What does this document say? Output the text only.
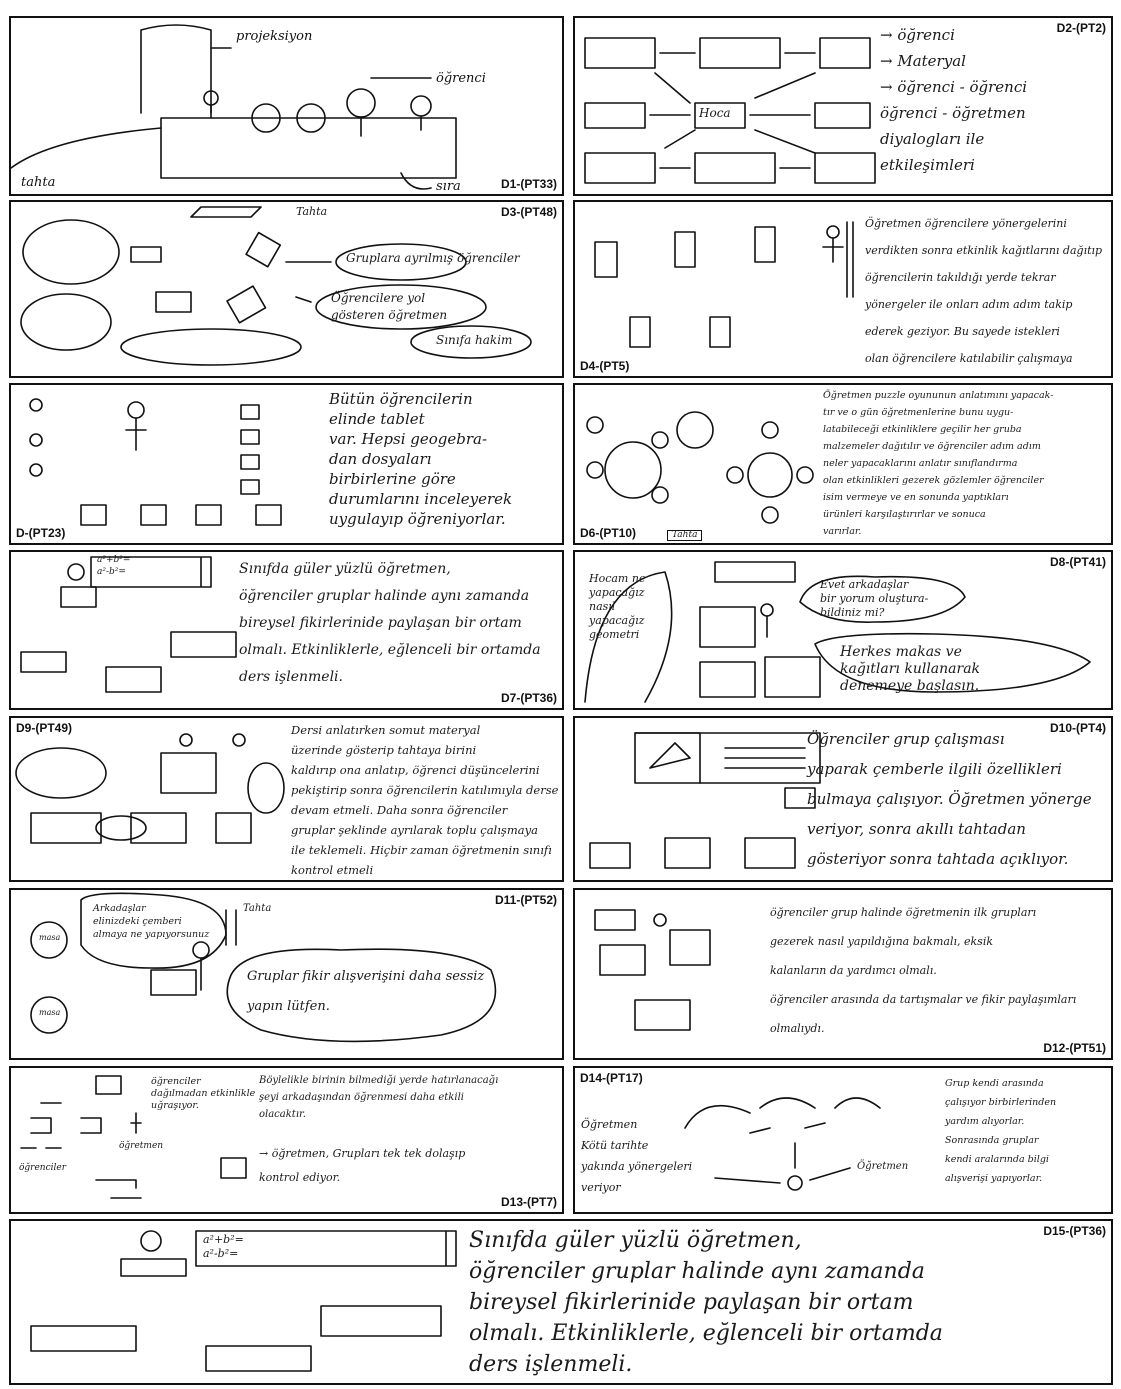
projeksiyon
öğrenci
tahta	sıra	D1-(PT33)
Hoca
→ öğrenci
→ Materyal
→ öğrenci - öğrenci
öğrenci - öğretmen
diyalogları ile
etkileşimleri
D2-(PT2)
Tahta
Gruplara ayrılmış öğrenciler
Öğrencilere yol gösteren öğretmen
Sınıfa hakim
D3-(PT48)
Öğretmen öğrencilere yönergelerini
verdikten sonra etkinlik kağıtlarını dağıtıp
öğrencilerin takıldığı yerde tekrar
yönergeler ile onları adım adım takip
ederek geziyor. Bu sayede istekleri
olan öğrencilere katılabilir çalışmaya
D4-(PT5)
Bütün öğrencilerin
elinde tablet
var. Hepsi geogebra-
dan dosyaları
birbirlerine göre
durumlarını inceleyerek
uygulayıp öğreniyorlar.
D-(PT23)	Tahta
Öğretmen puzzle oyununun anlatımını yapacak-
tır ve o gün öğretmenlerine bunu uygu-
latabileceği etkinliklere geçilir her gruba
malzemeler dağıtılır ve öğrenciler adım adım
neler yapacaklarını anlatır sınıflandırma
olan etkinlikleri gezerek gözlemler öğrenciler
isim vermeye ve en sonunda yaptıkları
ürünleri karşılaştırırlar ve sonuca
varırlar.
D6-(PT10)
a²+b²=
a²-b²=	Sınıfda güler yüzlü öğretmen,
öğrenciler gruplar halinde aynı zamanda
bireysel fikirlerinide paylaşan bir ortam
olmalı. Etkinliklerle, eğlenceli bir ortamda
ders işlenmeli.
D7-(PT36)
Hocam ne yapacağız
nasıl yapacağız
geometri
Evet arkadaşlar
bir yorum oluştura-
bildiniz mi?
Herkes makas ve
kağıtları kullanarak
denemeye başlasın.
D8-(PT41)
Dersi anlatırken somut materyal
üzerinde gösterip tahtaya birini
kaldırıp ona anlatıp, öğrenci düşüncelerini
pekiştirip sonra öğrencilerin katılımıyla derse
devam etmeli. Daha sonra öğrenciler
gruplar şeklinde ayrılarak toplu çalışmaya
ile teklemeli. Hiçbir zaman öğretmenin sınıfı kontrol etmeli
D9-(PT49)
Öğrenciler grup çalışması
yaparak çemberle ilgili özellikleri
bulmaya çalışıyor. Öğretmen yönerge
veriyor, sonra akıllı tahtadan
gösteriyor sonra tahtada açıklıyor.
D10-(PT4)
masa
masa
Arkadaşlar
elinizdeki çemberi
almaya ne yapıyorsunuz
Tahta
Gruplar fikir alışverişini daha sessiz
yapın lütfen.
D11-(PT52)
öğrenciler grup halinde öğretmenin ilk grupları
gezerek nasıl yapıldığına bakmalı, eksik
kalanların da yardımcı olmalı.
öğrenciler arasında da tartışmalar ve fikir paylaşımları
olmalıydı.
D12-(PT51)
öğrenciler
dağılmadan etkinlikle
uğraşıyor.
Böylelikle birinin bilmediği yerde hatırlanacağı
şeyi arkadaşından öğrenmesi daha etkili
olacaktır.
→ öğretmen, Grupları tek tek dolaşıp
kontrol ediyor.
öğrenciler
öğretmen
D13-(PT7)
Öğretmen
Kötü tarihte
yakında yönergeleri
veriyor
Öğretmen
Grup kendi arasında
çalışıyor birbirlerinden
yardım alıyorlar.
Sonrasında gruplar
kendi aralarında bilgi
alışverişi yapıyorlar.
D14-(PT17)
a²+b²=
a²-b²=
Sınıfda güler yüzlü öğretmen,
öğrenciler gruplar halinde aynı zamanda
bireysel fikirlerinide paylaşan bir ortam
olmalı. Etkinliklerle, eğlenceli bir ortamda
ders işlenmeli.
D15-(PT36)
